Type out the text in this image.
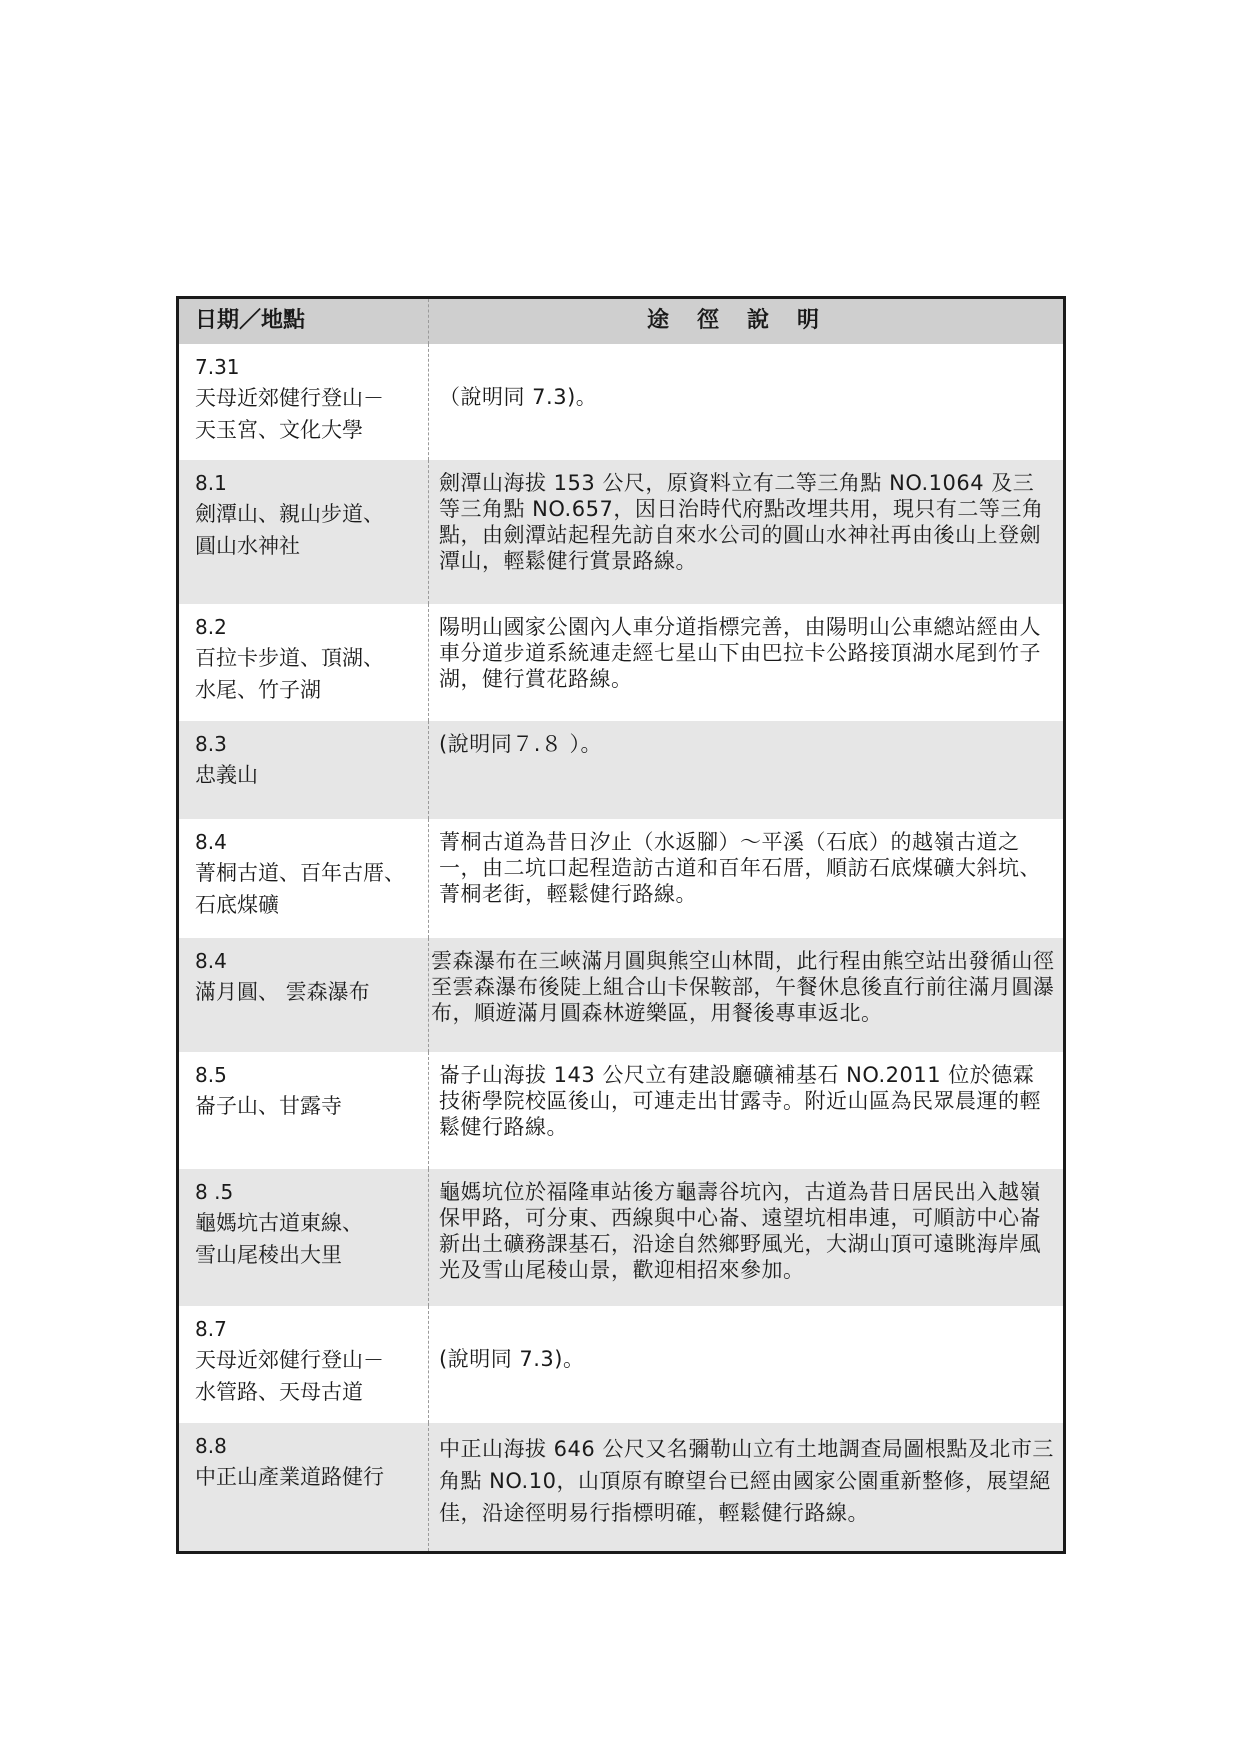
日期／地點	途徑說明
7.31
天母近郊健行登山－
天玉宮、文化大學
（說明同 7.3)。
8.1
劍潭山、親山步道、
圓山水神社
劍潭山海拔 153 公尺，原資料立有二等三角點 NO.1064 及三等三角點 NO.657，因日治時代府點改埋共用，現只有二等三角點，由劍潭站起程先訪自來水公司的圓山水神社再由後山上登劍潭山，輕鬆健行賞景路線。
8.2
百拉卡步道、頂湖、
水尾、竹子湖
陽明山國家公園內人車分道指標完善，由陽明山公車總站經由人車分道步道系統連走經七星山下由巴拉卡公路接頂湖水尾到竹子湖，健行賞花路線。
8.3
忠義山
(說明同７.８ ）。
8.4
菁桐古道、百年古厝、
石底煤礦
菁桐古道為昔日汐止（水返腳）～平溪（石底）的越嶺古道之一，由二坑口起程造訪古道和百年石厝，順訪石底煤礦大斜坑、菁桐老街，輕鬆健行路線。
8.4
滿月圓、 雲森瀑布
雲森瀑布在三峽滿月圓與熊空山林間，此行程由熊空站出發循山徑至雲森瀑布後陡上組合山卡保鞍部，午餐休息後直行前往滿月圓瀑布，順遊滿月圓森林遊樂區，用餐後專車返北。
8.5
崙子山、甘露寺
崙子山海拔 143 公尺立有建設廳礦補基石 NO.2011 位於德霖技術學院校區後山，可連走出甘露寺。附近山區為民眾晨運的輕鬆健行路線。
8 .5
龜媽坑古道東線、
雪山尾稜出大里
龜媽坑位於福隆車站後方龜壽谷坑內，古道為昔日居民出入越嶺保甲路，可分東、西線與中心崙、遠望坑相串連，可順訪中心崙新出土礦務課基石，沿途自然鄉野風光，大湖山頂可遠眺海岸風光及雪山尾稜山景，歡迎相招來參加。
8.7
天母近郊健行登山－
水管路、天母古道
(說明同 7.3)。
8.8
中正山產業道路健行
中正山海拔 646 公尺又名彌勒山立有土地調查局圖根點及北市三角點 NO.10，山頂原有瞭望台已經由國家公園重新整修，展望絕佳，沿途徑明易行指標明確，輕鬆健行路線。
